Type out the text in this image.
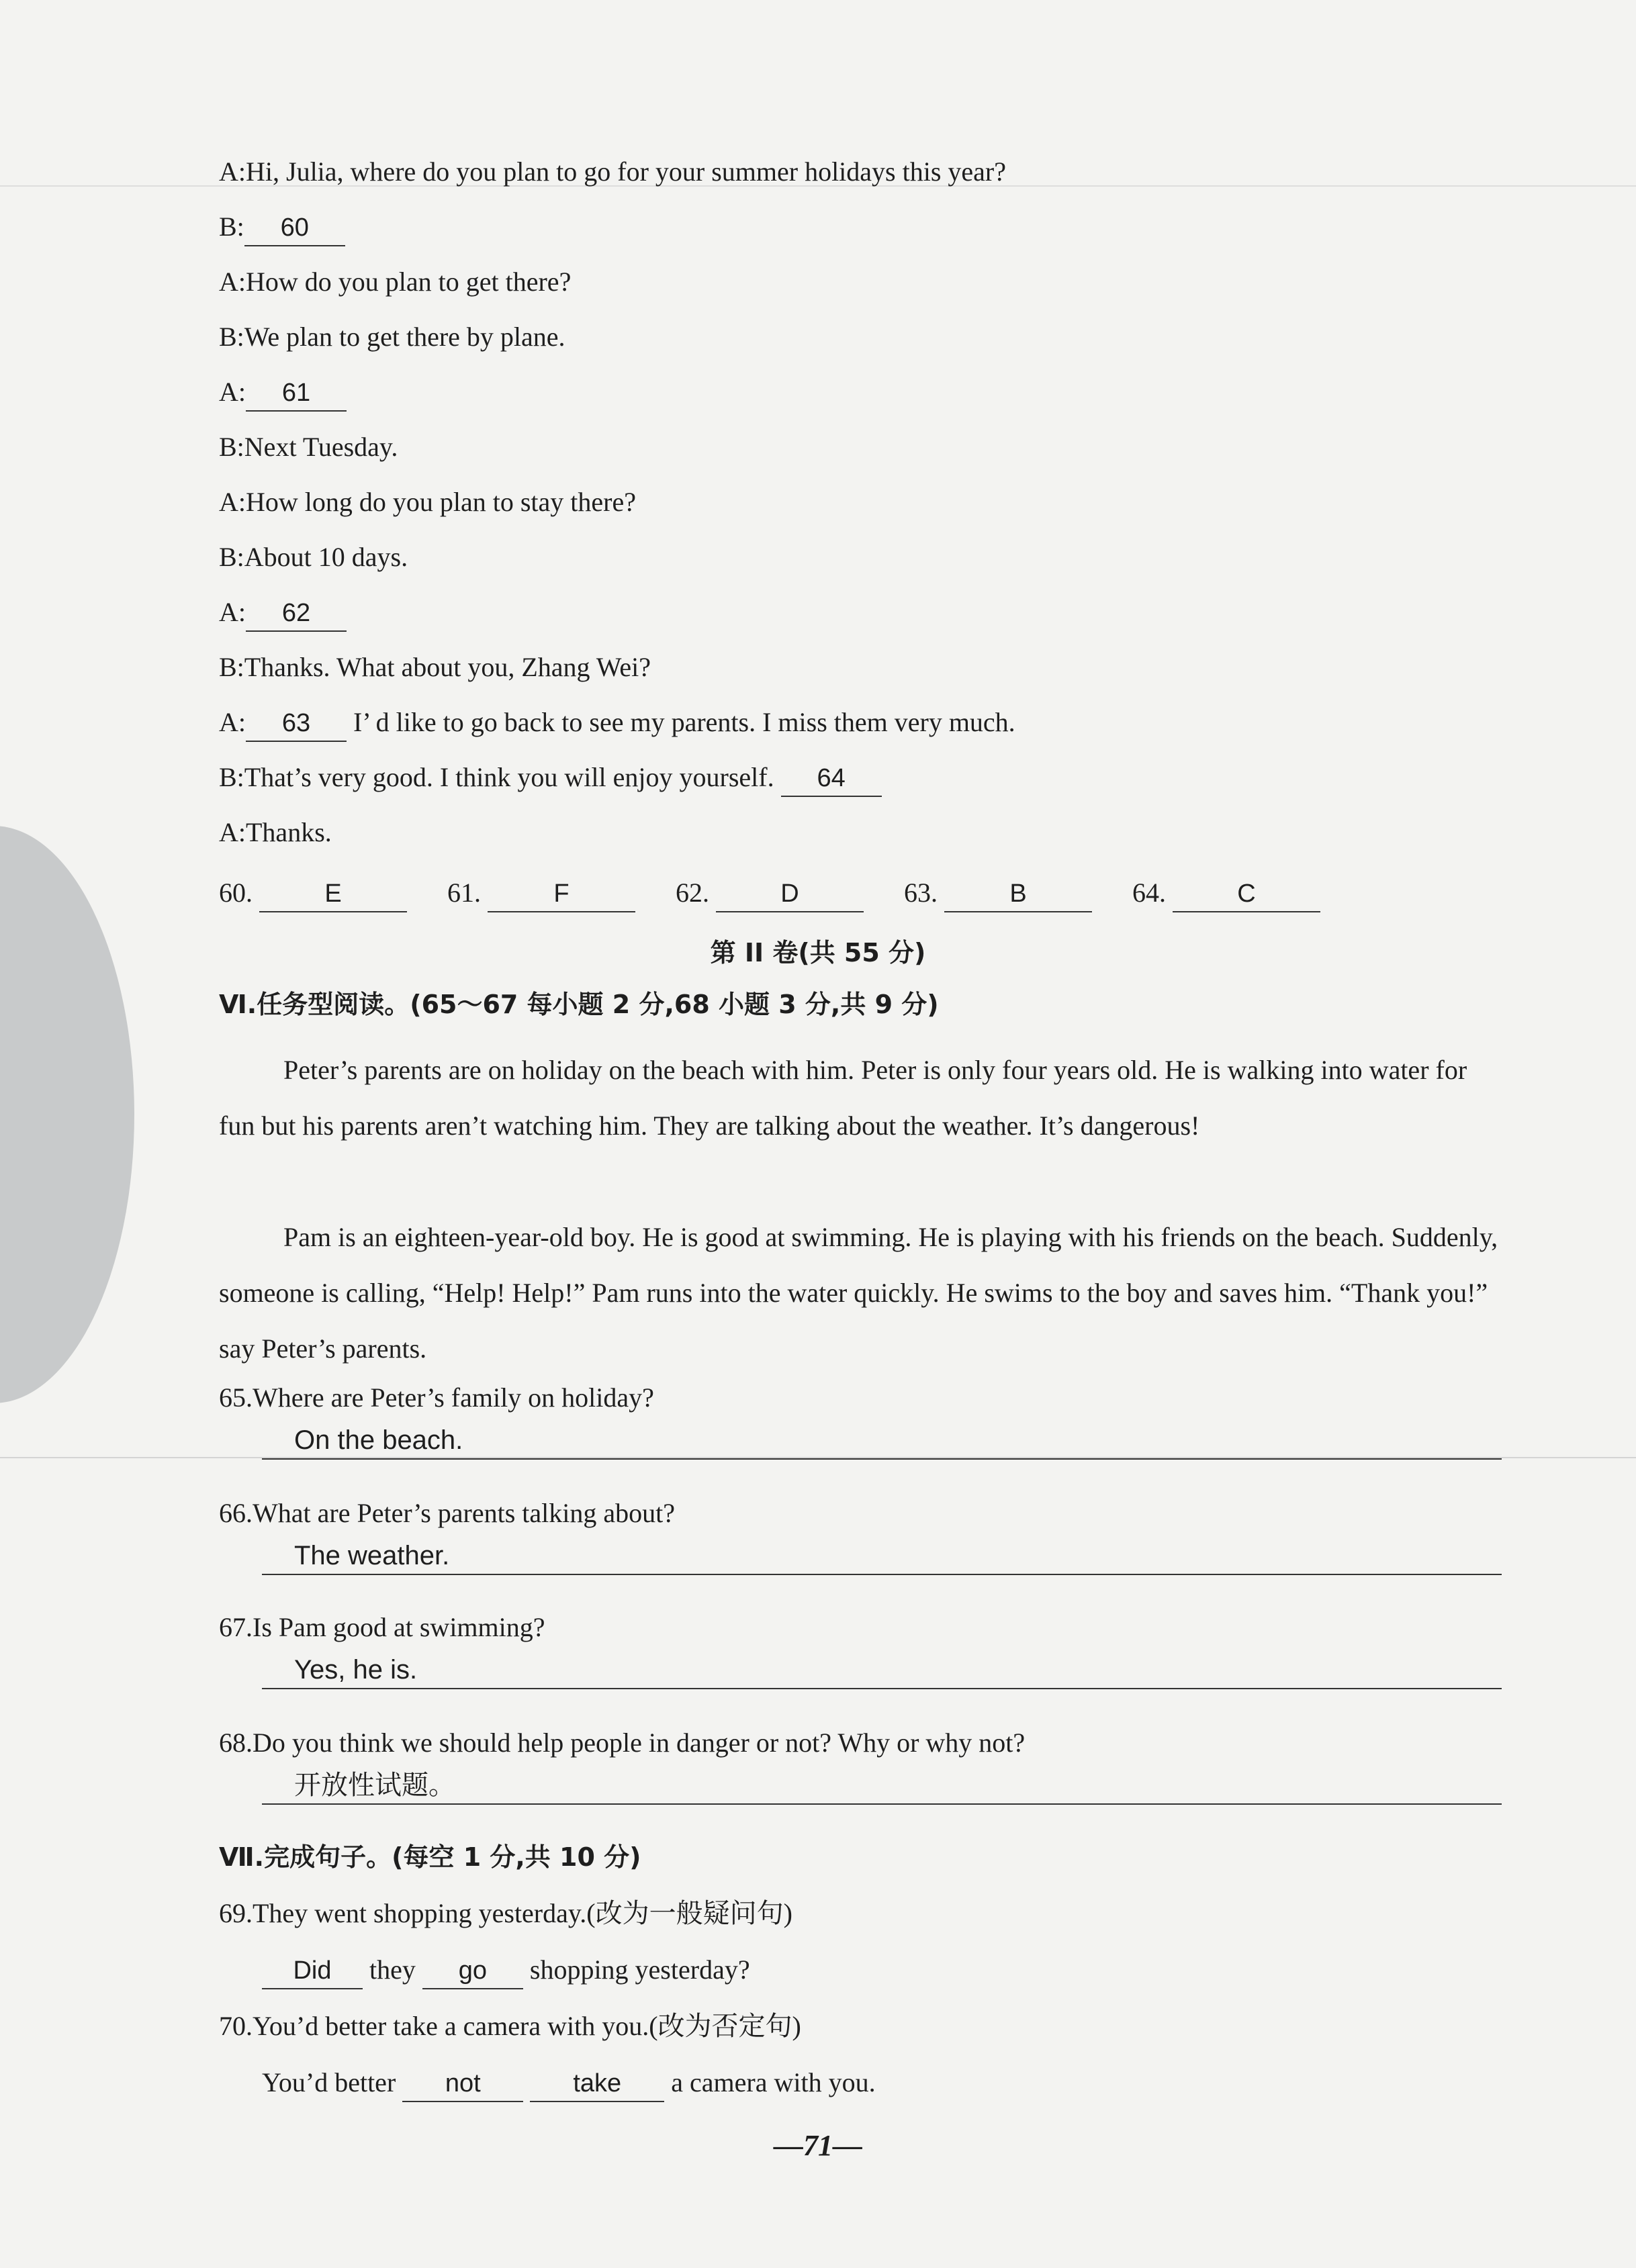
A:Hi, Julia, where do you plan to go for your summer holidays this year?
B: 60
A:How do you plan to get there?
B:We plan to get there by plane.
A: 61
B:Next Tuesday.
A:How long do you plan to stay there?
B:About 10 days.
A: 62
B:Thanks. What about you, Zhang Wei?
A: 63 I’ d like to go back to see my parents. I miss them very much.
B:That’s very good. I think you will enjoy yourself. 64
A:Thanks.
60.	E	61.	F	62.	D	63.	B	64.	C
第 II 卷(共 55 分)
Ⅵ.任务型阅读。(65～67 每小题 2 分,68 小题 3 分,共 9 分)
Peter’s parents are on holiday on the beach with him. Peter is only four years old. He is walking into water for fun but his parents aren’t watching him. They are talking about the weather. It’s dangerous!
Pam is an eighteen-year-old boy. He is good at swimming. He is playing with his friends on the beach. Suddenly, someone is calling, “Help! Help!” Pam runs into the water quickly. He swims to the boy and saves him. “Thank you!” say Peter’s parents.
65.Where are Peter’s family on holiday?
On the beach.
66.What are Peter’s parents talking about?
The weather.
67.Is Pam good at swimming?
Yes, he is.
68.Do you think we should help people in danger or not? Why or why not?
开放性试题。
Ⅶ.完成句子。(每空 1 分,共 10 分)
69.They went shopping yesterday.(改为一般疑问句)
Did they go shopping yesterday?
70.You’d better take a camera with you.(改为否定句)
You’d better not	take a camera with you.
—71—
